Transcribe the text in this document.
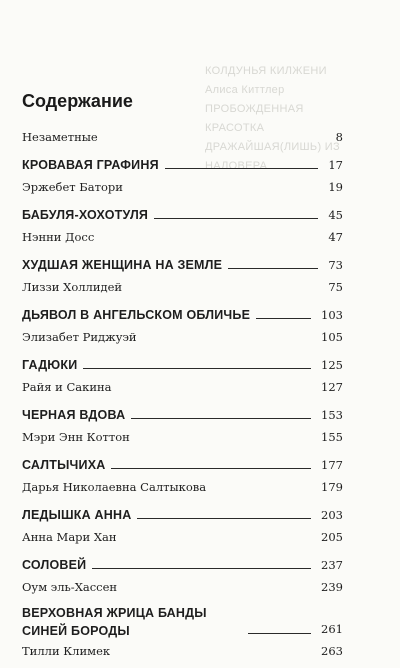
КОЛДУНЬЯ КИЛЖЕНИ
Алиса Киттлер
ПРОБОЖДЕННАЯ КРАСОТКА
ДРАЖАЙШАЯ(ЛИШЬ) ИЗ НАЛОВЕРА
Содержание
Незаметные	8
КРОВАВАЯ ГРАФИНЯ	17
Эржебет Батори	19
БАБУЛЯ-ХОХОТУЛЯ	45
Нэнни Досс	47
ХУДШАЯ ЖЕНЩИНА НА ЗЕМЛЕ	73
Лиззи Холлидей	75
ДЬЯВОЛ В АНГЕЛЬСКОМ ОБЛИЧЬЕ	103
Элизабет Риджуэй	105
ГАДЮКИ	125
Райя и Сакина	127
ЧЕРНАЯ ВДОВА	153
Мэри Энн Коттон	155
САЛТЫЧИХА	177
Дарья Николаевна Салтыкова	179
ЛЕДЫШКА АННА	203
Анна Мари Хан	205
СОЛОВЕЙ	237
Оум эль-Хассен	239
ВЕРХОВНАЯ ЖРИЦА БАНДЫ СИНЕЙ БОРОДЫ	261
Тилли Климек	263
